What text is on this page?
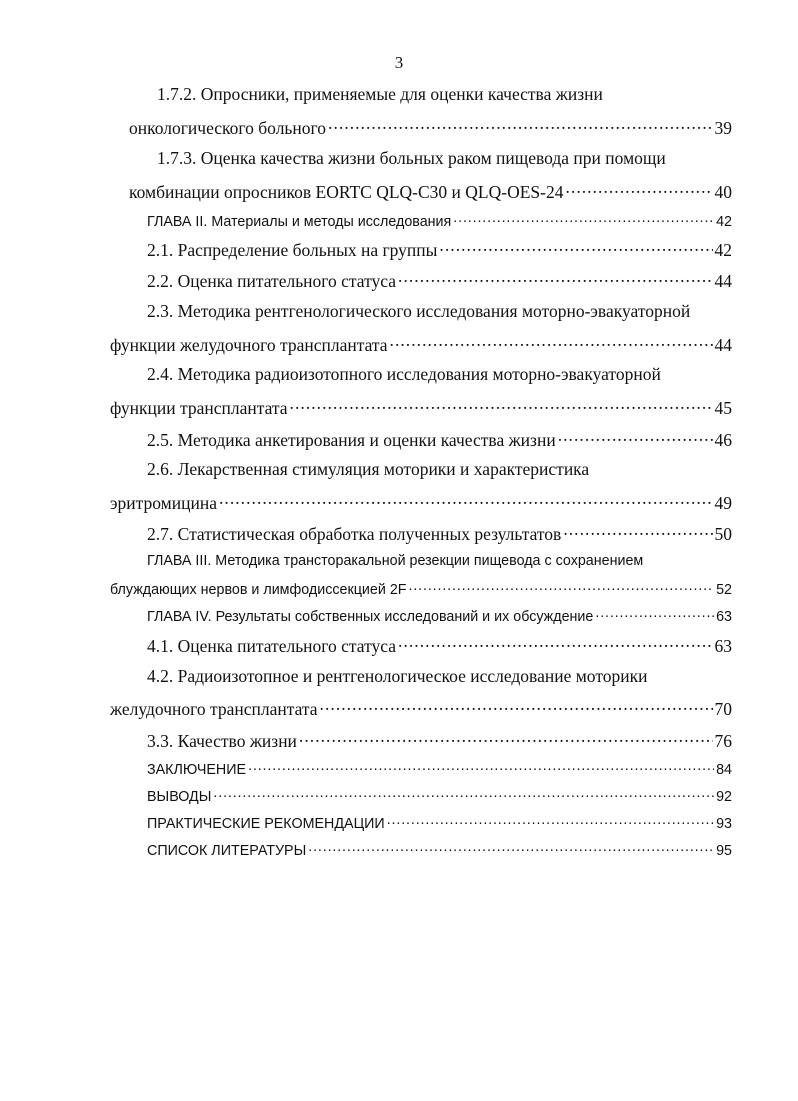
3
1.7.2. Опросники, применяемые для оценки качества жизни
онкологического больного .....	39
1.7.3. Оценка качества жизни больных раком пищевода при помощи
комбинации опросников EORTC QLQ-C30 и QLQ-OES-24 .....	40
ГЛАВА II. Материалы и методы исследования .....	42
2.1. Распределение больных на группы .....	42
2.2. Оценка питательного статуса .....	44
2.3. Методика рентгенологического исследования моторно-эвакуаторной
функции желудочного трансплантата .....	44
2.4. Методика радиоизотопного исследования моторно-эвакуаторной
функции трансплантата .....	45
2.5. Методика анкетирования и оценки качества жизни .....	46
2.6. Лекарственная стимуляция моторики и характеристика
эритромицина .....	49
2.7. Статистическая обработка полученных результатов .....	50
ГЛАВА III. Методика трансторакальной резекции пищевода с сохранением
блуждающих нервов и лимфодиссекцией 2F .....	52
ГЛАВА IV. Результаты собственных исследований и их обсуждение .....	63
4.1. Оценка питательного статуса .....	63
4.2. Радиоизотопное и рентгенологическое исследование моторики
желудочного трансплантата .....	70
3.3. Качество жизни .....	76
ЗАКЛЮЧЕНИЕ .....	84
ВЫВОДЫ .....	92
ПРАКТИЧЕСКИЕ РЕКОМЕНДАЦИИ .....	93
СПИСОК ЛИТЕРАТУРЫ .....	95
